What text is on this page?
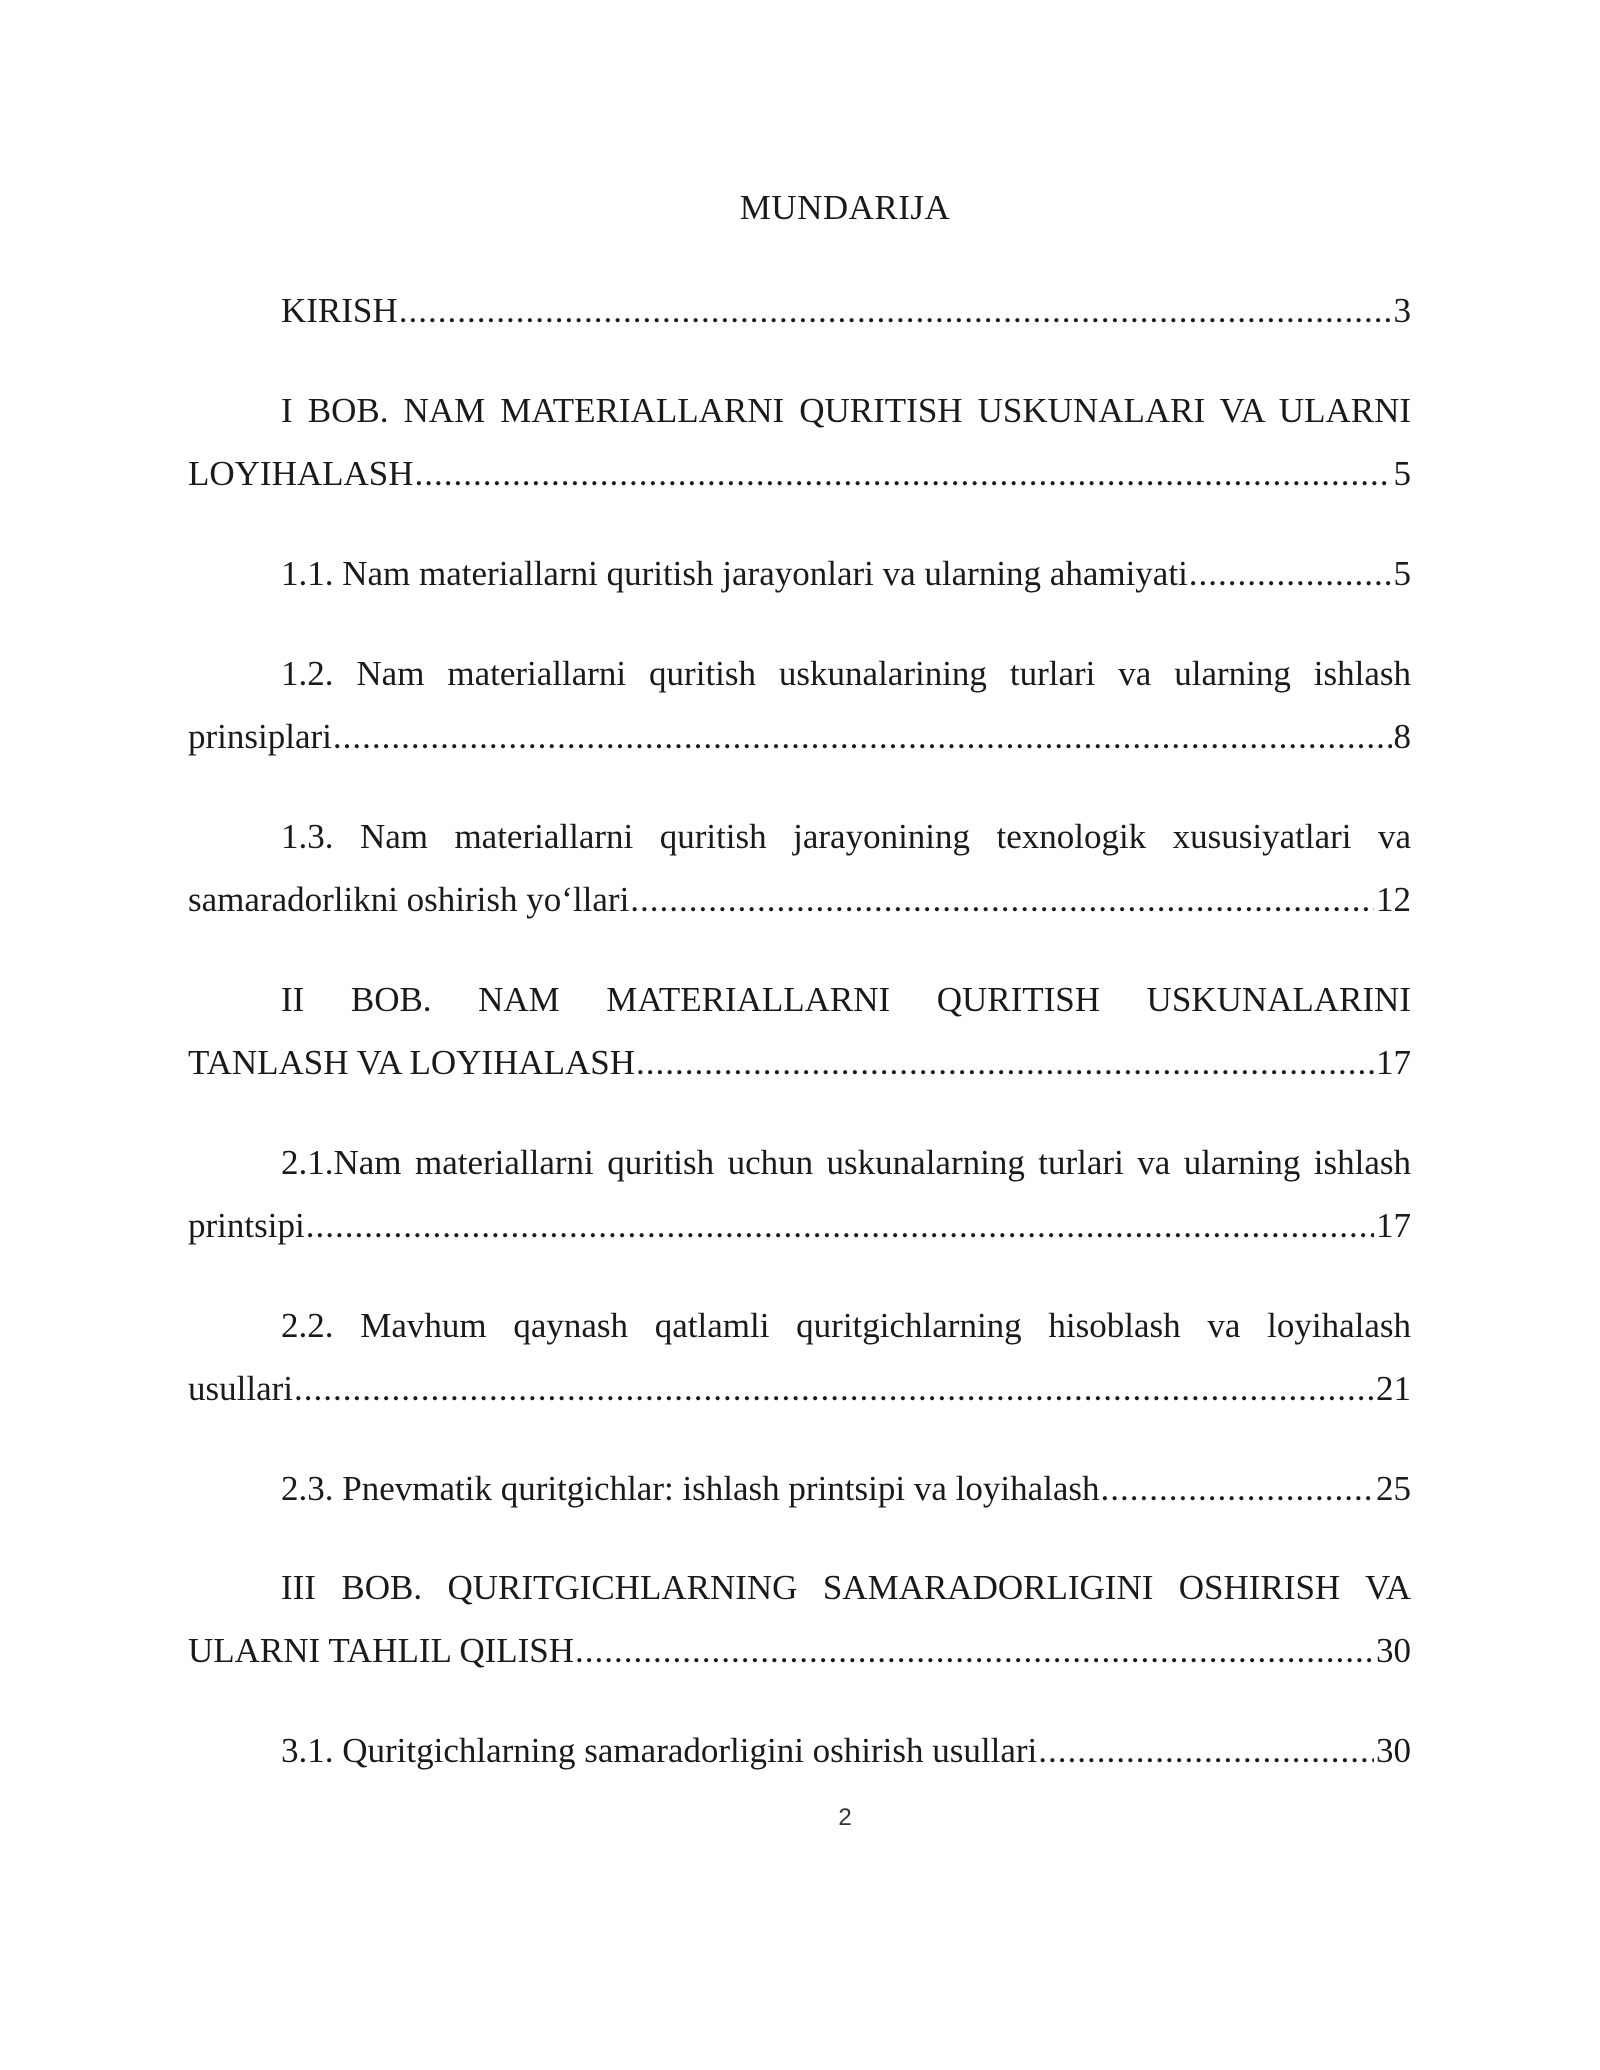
MUNDARIJA
KIRISH .....	3
I BOB. NAM MATERIALLARNI QURITISH USKUNALARI VA ULARNI
LOYIHALASH .....	5
1.1. Nam materiallarni quritish jarayonlari va ularning ahamiyati .....	5
1.2. Nam materiallarni quritish uskunalarining turlari va ularning ishlash
prinsiplari .....	8
1.3. Nam materiallarni quritish jarayonining texnologik xususiyatlari va
samaradorlikni oshirish yo‘llari .....	12
II BOB. NAM MATERIALLARNI QURITISH USKUNALARINI
TANLASH VA LOYIHALASH .....	17
2.1.Nam materiallarni quritish uchun uskunalarning turlari va ularning ishlash
printsipi .....	17
2.2. Mavhum qaynash qatlamli quritgichlarning hisoblash va loyihalash
usullari .....	21
2.3. Pnevmatik quritgichlar: ishlash printsipi va loyihalash .....	25
III BOB. QURITGICHLARNING SAMARADORLIGINI OSHIRISH VA
ULARNI TAHLIL QILISH .....	30
3.1. Quritgichlarning samaradorligini oshirish usullari .....	30
2
